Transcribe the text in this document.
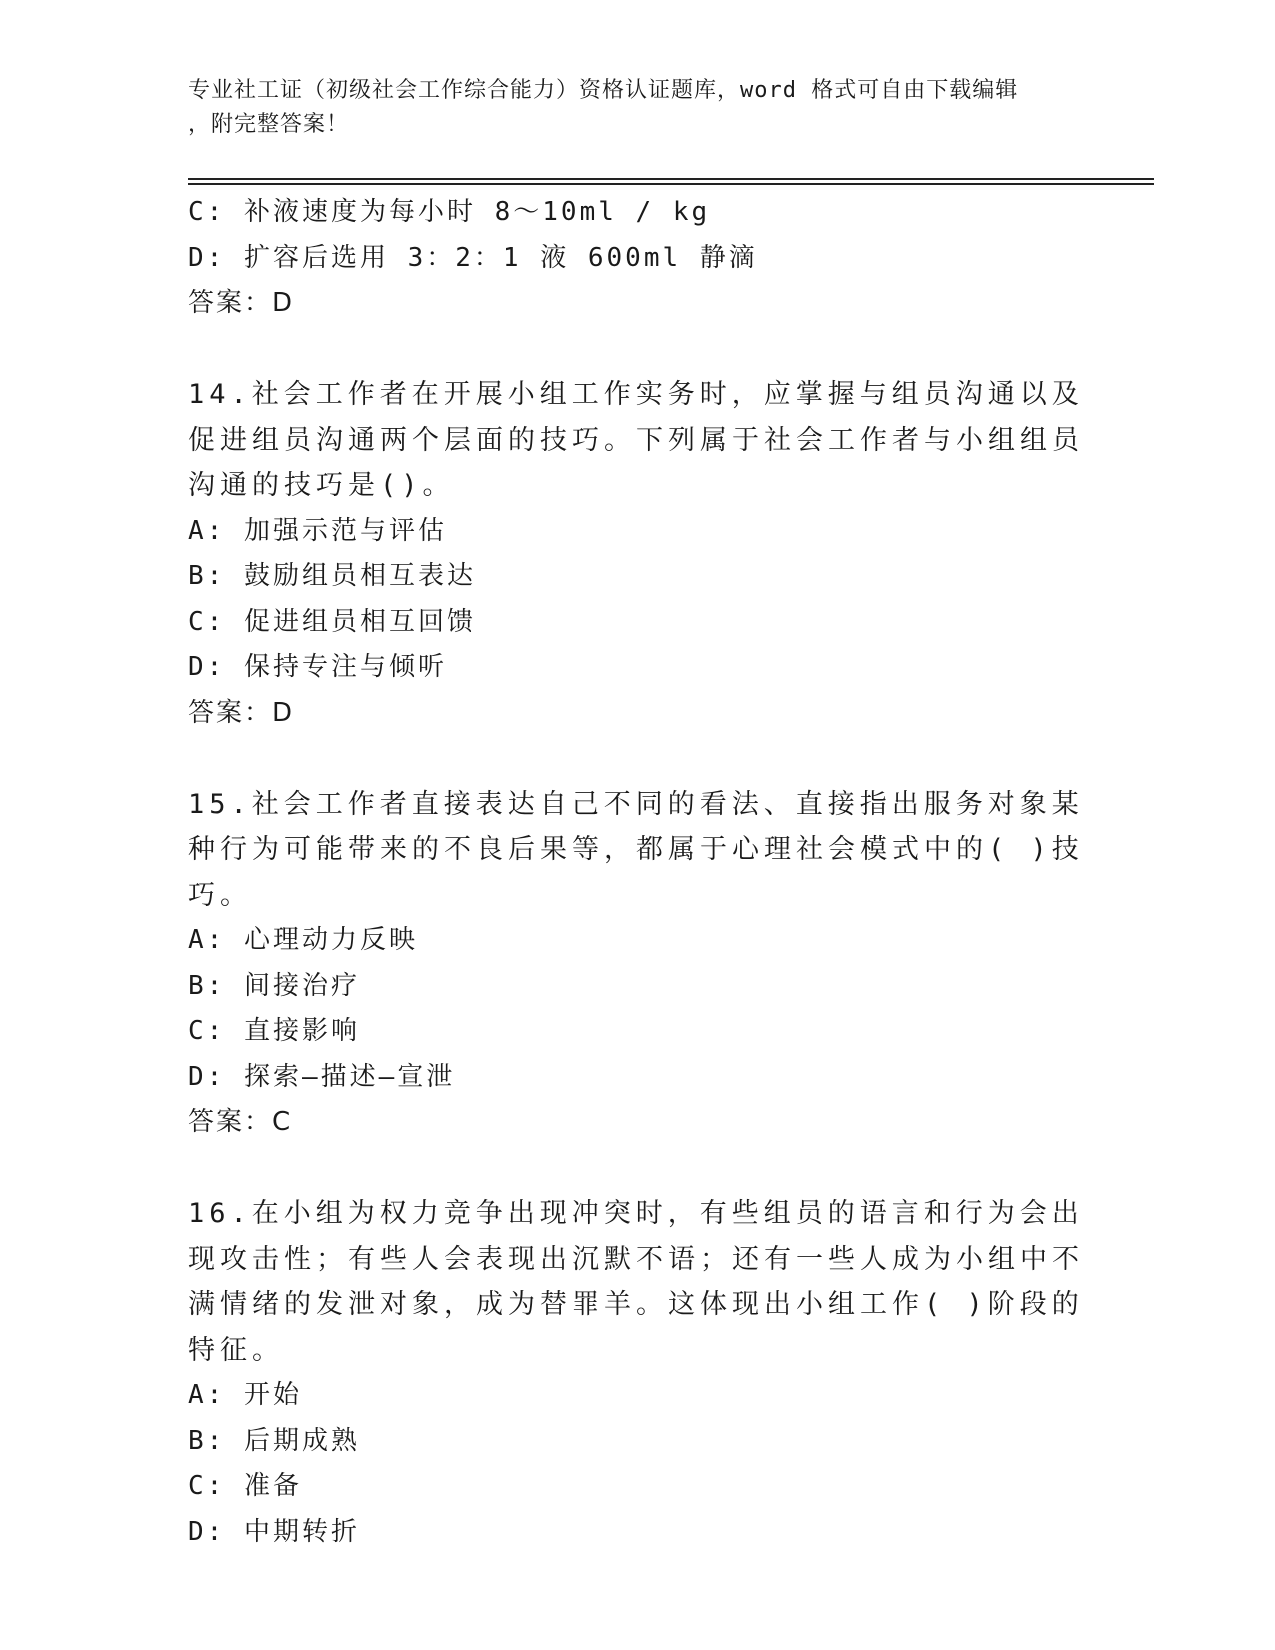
专业社工证（初级社会工作综合能力）资格认证题库，word 格式可自由下载编辑
，附完整答案！
C: 补液速度为每小时 8～10ml / kg
D: 扩容后选用 3：2：1 液 600ml 静滴
答案：D
14.社会工作者在开展小组工作实务时，应掌握与组员沟通以及促进组员沟通两个层面的技巧。下列属于社会工作者与小组组员沟通的技巧是()。
A: 加强示范与评估
B: 鼓励组员相互表达
C: 促进组员相互回馈
D: 保持专注与倾听
答案：D
15.社会工作者直接表达自己不同的看法、直接指出服务对象某种行为可能带来的不良后果等，都属于心理社会模式中的( )技巧。
A: 心理动力反映
B: 间接治疗
C: 直接影响
D: 探索—描述—宣泄
答案：C
16.在小组为权力竞争出现冲突时，有些组员的语言和行为会出现攻击性；有些人会表现出沉默不语；还有一些人成为小组中不满情绪的发泄对象，成为替罪羊。这体现出小组工作( )阶段的特征。
A: 开始
B: 后期成熟
C: 准备
D: 中期转折
